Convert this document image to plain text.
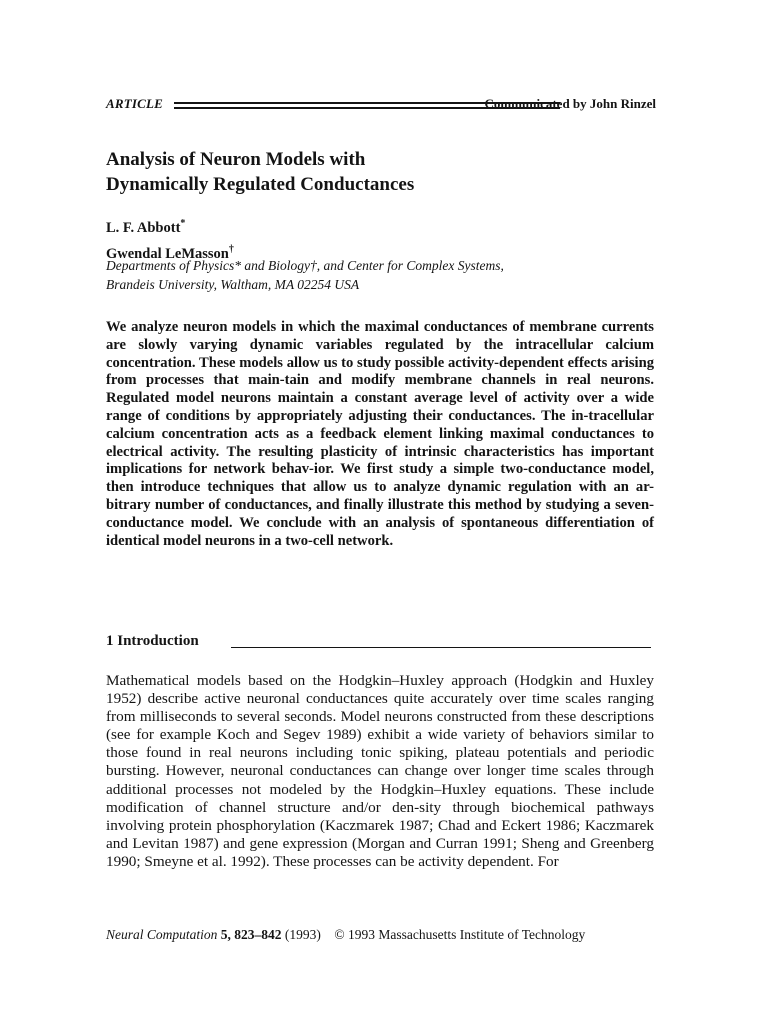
ARTICLE	Communicated by John Rinzel
Analysis of Neuron Models with
Dynamically Regulated Conductances
L. F. Abbott*
Gwendal LeMasson†
Departments of Physics* and Biology†, and Center for Complex Systems,
Brandeis University, Waltham, MA 02254 USA
We analyze neuron models in which the maximal conductances of membrane currents are slowly varying dynamic variables regulated by the intracellular calcium concentration. These models allow us to study possible activity-dependent effects arising from processes that main-tain and modify membrane channels in real neurons. Regulated model neurons maintain a constant average level of activity over a wide range of conditions by appropriately adjusting their conductances. The in-tracellular calcium concentration acts as a feedback element linking maximal conductances to electrical activity. The resulting plasticity of intrinsic characteristics has important implications for network behav-ior. We first study a simple two-conductance model, then introduce techniques that allow us to analyze dynamic regulation with an ar-bitrary number of conductances, and finally illustrate this method by studying a seven-conductance model. We conclude with an analysis of spontaneous differentiation of identical model neurons in a two-cell network.
1 Introduction
Mathematical models based on the Hodgkin–Huxley approach (Hodgkin and Huxley 1952) describe active neuronal conductances quite accurately over time scales ranging from milliseconds to several seconds. Model neurons constructed from these descriptions (see for example Koch and Segev 1989) exhibit a wide variety of behaviors similar to those found in real neurons including tonic spiking, plateau potentials and periodic bursting. However, neuronal conductances can change over longer time scales through additional processes not modeled by the Hodgkin–Huxley equations. These include modification of channel structure and/or den-sity through biochemical pathways involving protein phosphorylation (Kaczmarek 1987; Chad and Eckert 1986; Kaczmarek and Levitan 1987) and gene expression (Morgan and Curran 1991; Sheng and Greenberg 1990; Smeyne et al. 1992). These processes can be activity dependent. For
Neural Computation 5, 823–842 (1993) © 1993 Massachusetts Institute of Technology
